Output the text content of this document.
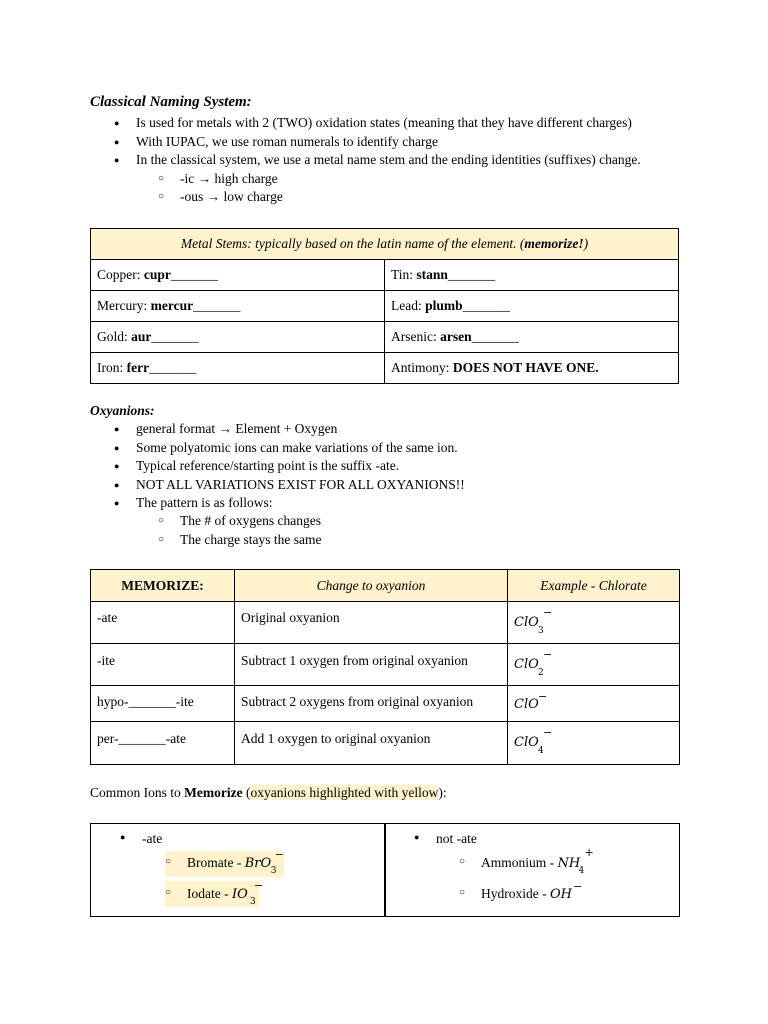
Classical Naming System:
● Is used for metals with 2 (TWO) oxidation states (meaning that they have different charges)
● With IUPAC, we use roman numerals to identify charge
● In the classical system, we use a metal name stem and the ending identities (suffixes) change.
○ -ic → high charge
○ -ous → low charge
Metal Stems: typically based on the latin name of the element. (memorize!)	
Copper: cupr_______	Tin: stann_______
Mercury: mercur_______	Lead: plumb_______
Gold: aur_______	Arsenic: arsen_______
Iron: ferr_______	Antimony: DOES NOT HAVE ONE.
Oxyanions:
● general format → Element + Oxygen
● Some polyatomic ions can make variations of the same ion.
● Typical reference/starting point is the suffix -ate.
● NOT ALL VARIATIONS EXIST FOR ALL OXYANIONS!!
● The pattern is as follows:
○ The # of oxygens changes
○ The charge stays the same
MEMORIZE:	Change to oxyanion	Example - Chlorate
-ate	Original oxyanion	ClO
3
−

-ite	Subtract 1 oxygen from original oxyanion	ClO
2
−

hypo-_______-ite	Subtract 2 oxygens from original oxyanion	ClO
−

per-_______-ate	Add 1 oxygen to original oxyanion	ClO
4
−
Common Ions to Memorize (oxyanions highlighted with yellow):
● -ate
○ Bromate - BrO 3
−
○ Iodate - IO 3
−
● not -ate
○ Ammonium - NH
4
+
○ Hydroxide - OH
−
